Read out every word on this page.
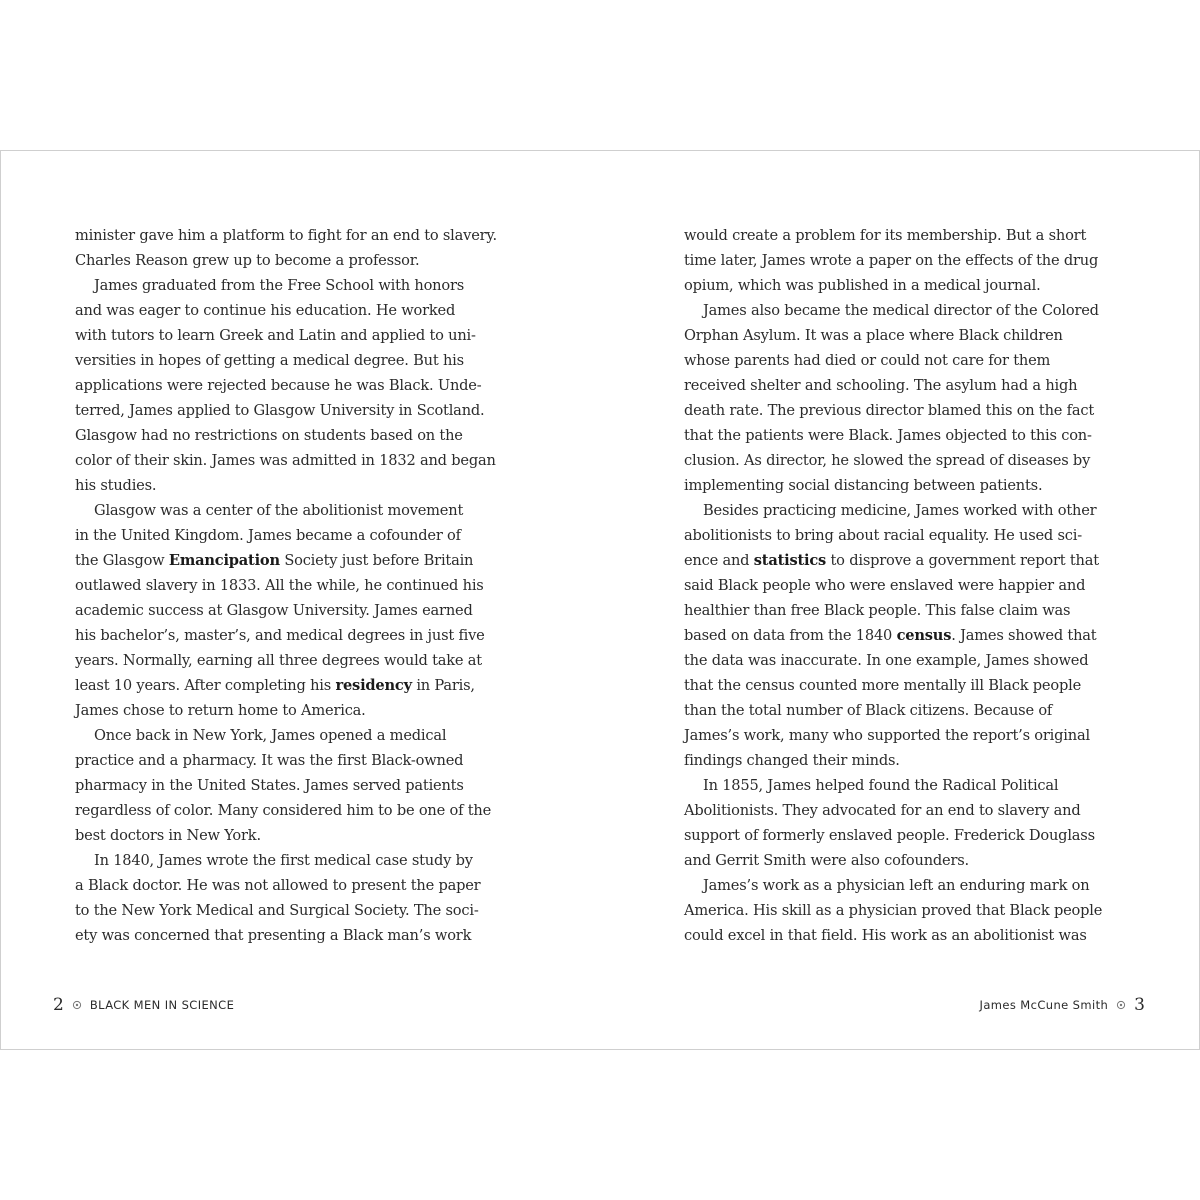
minister gave him a platform to fight for an end to slavery.
Charles Reason grew up to become a professor.

James graduated from the Free School with honors
and was eager to continue his education. He worked
with tutors to learn Greek and Latin and applied to uni-
versities in hopes of getting a medical degree. But his
applications were rejected because he was Black. Unde-
terred, James applied to Glasgow University in Scotland.
Glasgow had no restrictions on students based on the
color of their skin. James was admitted in 1832 and began
his studies.

Glasgow was a center of the abolitionist movement
in the United Kingdom. James became a cofounder of
the Glasgow Emancipation Society just before Britain
outlawed slavery in 1833. All the while, he continued his
academic success at Glasgow University. James earned
his bachelor’s, master’s, and medical degrees in just five
years. Normally, earning all three degrees would take at
least 10 years. After completing his residency in Paris,
James chose to return home to America.

Once back in New York, James opened a medical
practice and a pharmacy. It was the first Black-owned
pharmacy in the United States. James served patients
regardless of color. Many considered him to be one of the
best doctors in New York.

In 1840, James wrote the first medical case study by
a Black doctor. He was not allowed to present the paper
to the New York Medical and Surgical Society. The soci-
ety was concerned that presenting a Black man’s work

2 BLACK MEN IN SCIENCE

would create a problem for its membership. But a short
time later, James wrote a paper on the effects of the drug
opium, which was published in a medical journal.

James also became the medical director of the Colored
Orphan Asylum. It was a place where Black children
whose parents had died or could not care for them
received shelter and schooling. The asylum had a high
death rate. The previous director blamed this on the fact
that the patients were Black. James objected to this con-
clusion. As director, he slowed the spread of diseases by
implementing social distancing between patients.

Besides practicing medicine, James worked with other
abolitionists to bring about racial equality. He used sci-
ence and statistics to disprove a government report that
said Black people who were enslaved were happier and
healthier than free Black people. This false claim was
based on data from the 1840 census. James showed that
the data was inaccurate. In one example, James showed
that the census counted more mentally ill Black people
than the total number of Black citizens. Because of
James’s work, many who supported the report’s original
findings changed their minds.

In 1855, James helped found the Radical Political
Abolitionists. They advocated for an end to slavery and
support of formerly enslaved people. Frederick Douglass
and Gerrit Smith were also cofounders.

James’s work as a physician left an enduring mark on
America. His skill as a physician proved that Black people
could excel in that field. His work as an abolitionist was

James McCune Smith 3
